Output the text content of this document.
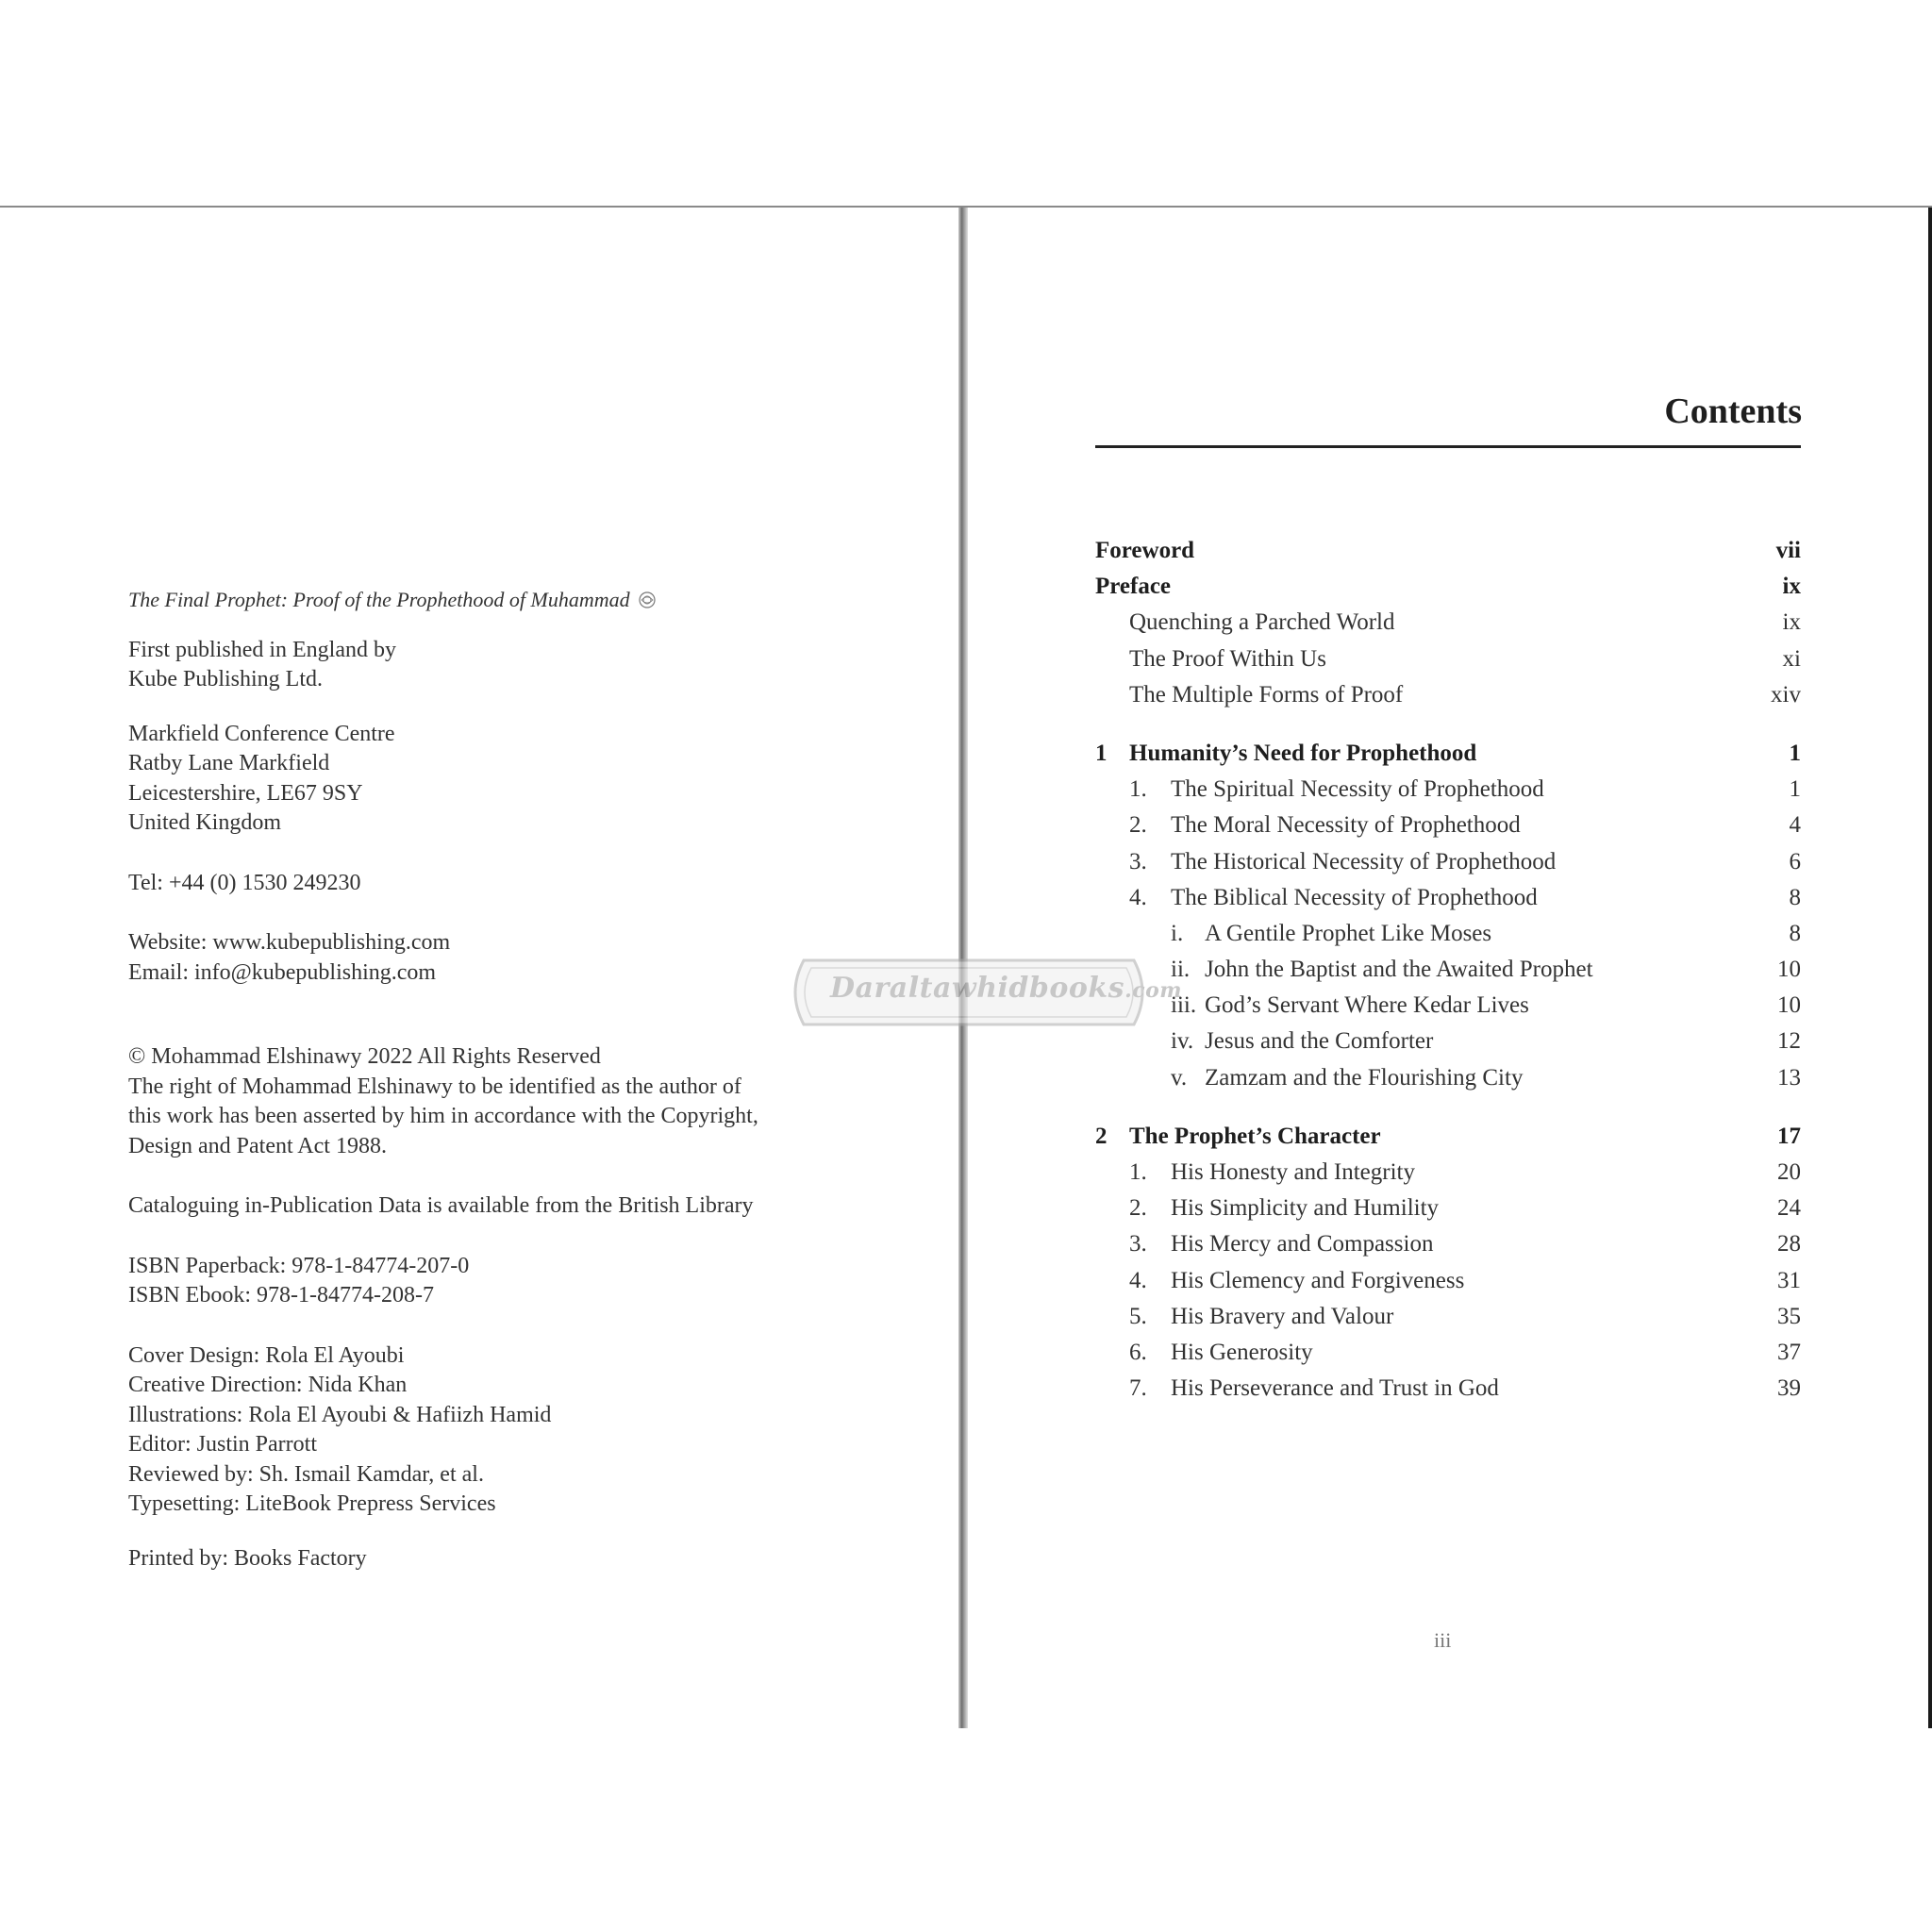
The Final Prophet: Proof of the Prophethood of Muhammad

First published in England by

Kube Publishing Ltd.

Markfield Conference Centre

Ratby Lane Markfield

Leicestershire, LE67 9SY

United Kingdom

Tel: +44 (0) 1530 249230

Website: www.kubepublishing.com

Email: info@kubepublishing.com

© Mohammad Elshinawy 2022 All Rights Reserved

The right of Mohammad Elshinawy to be identified as the author of

this work has been asserted by him in accordance with the Copyright,

Design and Patent Act 1988.

Cataloguing in-Publication Data is available from the British Library

ISBN Paperback: 978-1-84774-207-0

ISBN Ebook: 978-1-84774-208-7

Cover Design: Rola El Ayoubi

Creative Direction: Nida Khan

Illustrations: Rola El Ayoubi & Hafiizh Hamid

Editor: Justin Parrott

Reviewed by: Sh. Ismail Kamdar, et al.

Typesetting: LiteBook Prepress Services

Printed by: Books Factory

Contents
Foreword	vii
Preface	ix
Quenching a Parched World	ix
The Proof Within Us	xi
The Multiple Forms of Proof	xiv
1 Humanity’s Need for Prophethood	1
1.	The Spiritual Necessity of Prophethood	1
2.	The Moral Necessity of Prophethood	4
3.	The Historical Necessity of Prophethood	6
4.	The Biblical Necessity of Prophethood	8
i. A Gentile Prophet Like Moses	8
ii. John the Baptist and the Awaited Prophet	10
iii. God’s Servant Where Kedar Lives	10
iv. Jesus and the Comforter	12
v. Zamzam and the Flourishing City	13
2 The Prophet’s Character	17
1.	His Honesty and Integrity	20
2.	His Simplicity and Humility	24
3.	His Mercy and Compassion	28
4.	His Clemency and Forgiveness	31
5.	His Bravery and Valour	35
6.	His Generosity	37
7.	His Perseverance and Trust in God	39
iii
Daraltawhidbooks.com
